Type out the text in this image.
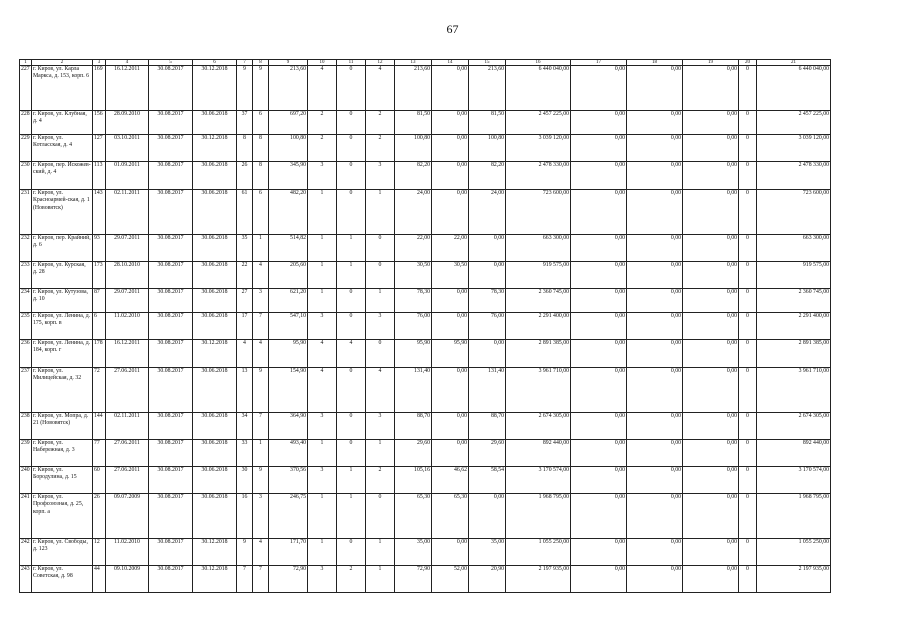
67
1	2	3	4	5	6	7	8	9	10	11	12	13	14	15	16	17	18	19	20	21
227	г. Киров, ул. Карла Маркса, д. 153, корп. 6	169	16.12.2011	30.08.2017	30.12.2018	9	9	213,60	4	0	4	213,60	0,00	213,60	6 440 040,00	0,00	0,00	0,00	0	6 440 040,00
228	г. Киров, ул. Клубная, д. 4	156	28.09.2010	30.08.2017	30.06.2018	37	6	697,20	2	0	2	81,50	0,00	81,50	2 457 225,00	0,00	0,00	0,00	0	2 457 225,00
229	г. Киров, ул. Котласская, д. 4	127	03.10.2011	30.08.2017	30.12.2018	8	8	100,80	2	0	2	100,80	0,00	100,80	3 039 120,00	0,00	0,00	0,00	0	3 039 120,00
230	г. Киров, пер. Искожев-ский, д. 4	113	01.09.2011	30.08.2017	30.06.2018	26	8	345,90	3	0	3	82,20	0,00	82,20	2 478 330,00	0,00	0,00	0,00	0	2 478 330,00
231	г. Киров, ул. Красноармей-ская, д. 1 (Нововятск)	143	02.11.2011	30.08.2017	30.06.2018	61	6	482,20	1	0	1	24,00	0,00	24,00	723 600,00	0,00	0,00	0,00	0	723 600,00
232	г. Киров, пер. Крайний, д. 6	93	29.07.2011	30.08.2017	30.06.2018	35	1	514,82	1	1	0	22,00	22,00	0,00	663 300,00	0,00	0,00	0,00	0	663 300,00
233	г. Киров, ул. Курская, д. 28	173	28.10.2010	30.08.2017	30.06.2018	22	4	205,60	1	1	0	30,50	30,50	0,00	919 575,00	0,00	0,00	0,00	0	919 575,00
234	г. Киров, ул. Кутузова, д. 10	87	29.07.2011	30.08.2017	30.06.2018	27	3	621,20	1	0	1	78,30	0,00	78,30	2 360 745,00	0,00	0,00	0,00	0	2 360 745,00
235	г. Киров, ул. Ленина, д. 175, корп. в	6	11.02.2010	30.08.2017	30.06.2018	17	7	547,10	3	0	3	76,00	0,00	76,00	2 291 400,00	0,00	0,00	0,00	0	2 291 400,00
236	г. Киров, ул. Ленина, д. 184, корп. г	178	16.12.2011	30.08.2017	30.12.2018	4	4	95,90	4	4	0	95,90	95,90	0,00	2 891 385,00	0,00	0,00	0,00	0	2 891 385,00
237	г. Киров, ул. Милицейская, д. 32	72	27.06.2011	30.08.2017	30.06.2018	13	9	154,90	4	0	4	131,40	0,00	131,40	3 961 710,00	0,00	0,00	0,00	0	3 961 710,00
238	г. Киров, ул. Мопра, д. 21 (Нововятск)	144	02.11.2011	30.08.2017	30.06.2018	34	7	364,90	3	0	3	88,70	0,00	88,70	2 674 305,00	0,00	0,00	0,00	0	2 674 305,00
239	г. Киров, ул. Набережная, д. 3	77	27.06.2011	30.08.2017	30.06.2018	33	1	493,40	1	0	1	29,60	0,00	29,60	892 440,00	0,00	0,00	0,00	0	892 440,00
240	г. Киров, ул. Бородулина, д. 15	60	27.06.2011	30.08.2017	30.06.2018	30	9	370,56	3	1	2	105,16	46,62	58,54	3 170 574,00	0,00	0,00	0,00	0	3 170 574,00
241	г. Киров, ул. Профсоюзная, д. 25, корп. а	26	09.07.2009	30.08.2017	30.06.2018	16	3	246,75	1	1	0	65,30	65,30	0,00	1 968 795,00	0,00	0,00	0,00	0	1 968 795,00
242	г. Киров, ул. Свободы, д. 123	12	11.02.2010	30.08.2017	30.12.2018	9	4	171,70	1	0	1	35,00	0,00	35,00	1 055 250,00	0,00	0,00	0,00	0	1 055 250,00
243	г. Киров, ул. Советская, д. 98	44	09.10.2009	30.08.2017	30.12.2018	7	7	72,90	3	2	1	72,90	52,00	20,90	2 197 935,00	0,00	0,00	0,00	0	2 197 935,00
